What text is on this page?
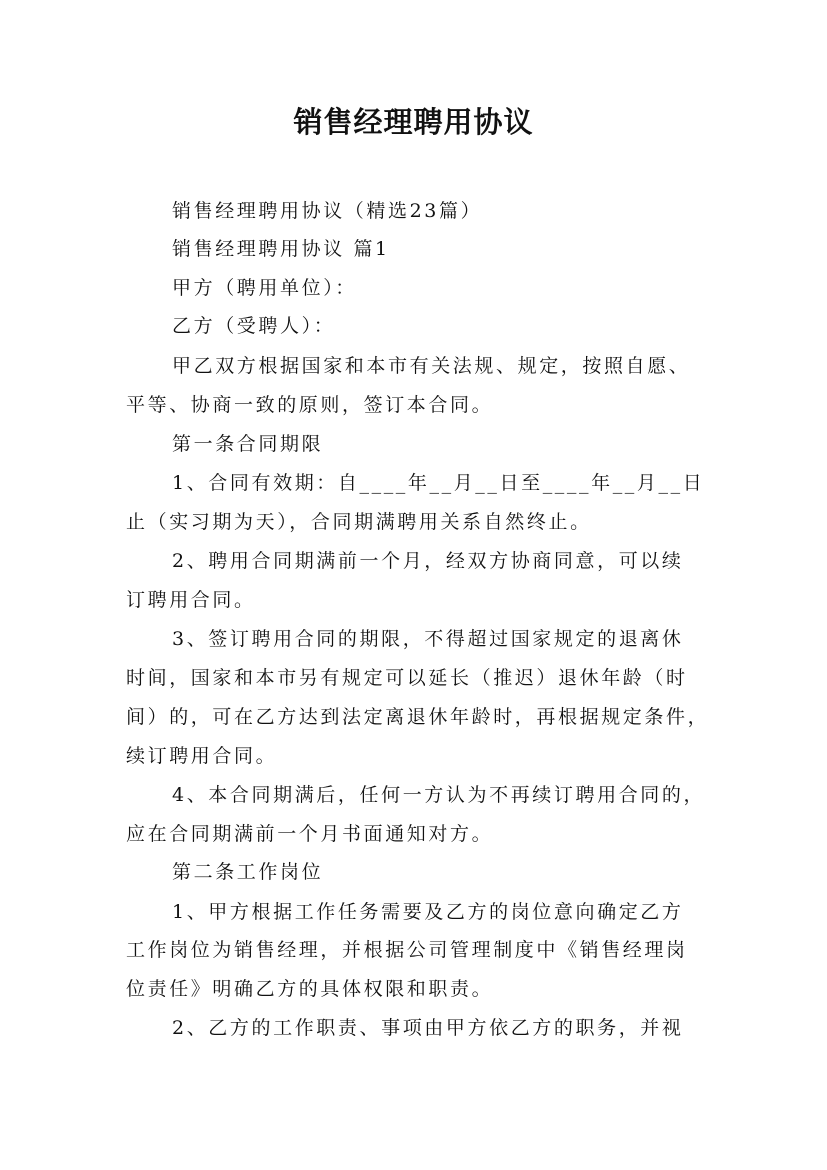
销售经理聘用协议
销售经理聘用协议（精选23篇）
销售经理聘用协议 篇1
甲方（聘用单位）：
乙方（受聘人）：
甲乙双方根据国家和本市有关法规、规定，按照自愿、
平等、协商一致的原则，签订本合同。
第一条合同期限
1、合同有效期：自____年__月__日至____年__月__日
止（实习期为天），合同期满聘用关系自然终止。
2、聘用合同期满前一个月，经双方协商同意，可以续
订聘用合同。
3、签订聘用合同的期限，不得超过国家规定的退离休
时间，国家和本市另有规定可以延长（推迟）退休年龄（时
间）的，可在乙方达到法定离退休年龄时，再根据规定条件，
续订聘用合同。
4、本合同期满后，任何一方认为不再续订聘用合同的，
应在合同期满前一个月书面通知对方。
第二条工作岗位
1、甲方根据工作任务需要及乙方的岗位意向确定乙方
工作岗位为销售经理，并根据公司管理制度中《销售经理岗
位责任》明确乙方的具体权限和职责。
2、乙方的工作职责、事项由甲方依乙方的职务，并视
